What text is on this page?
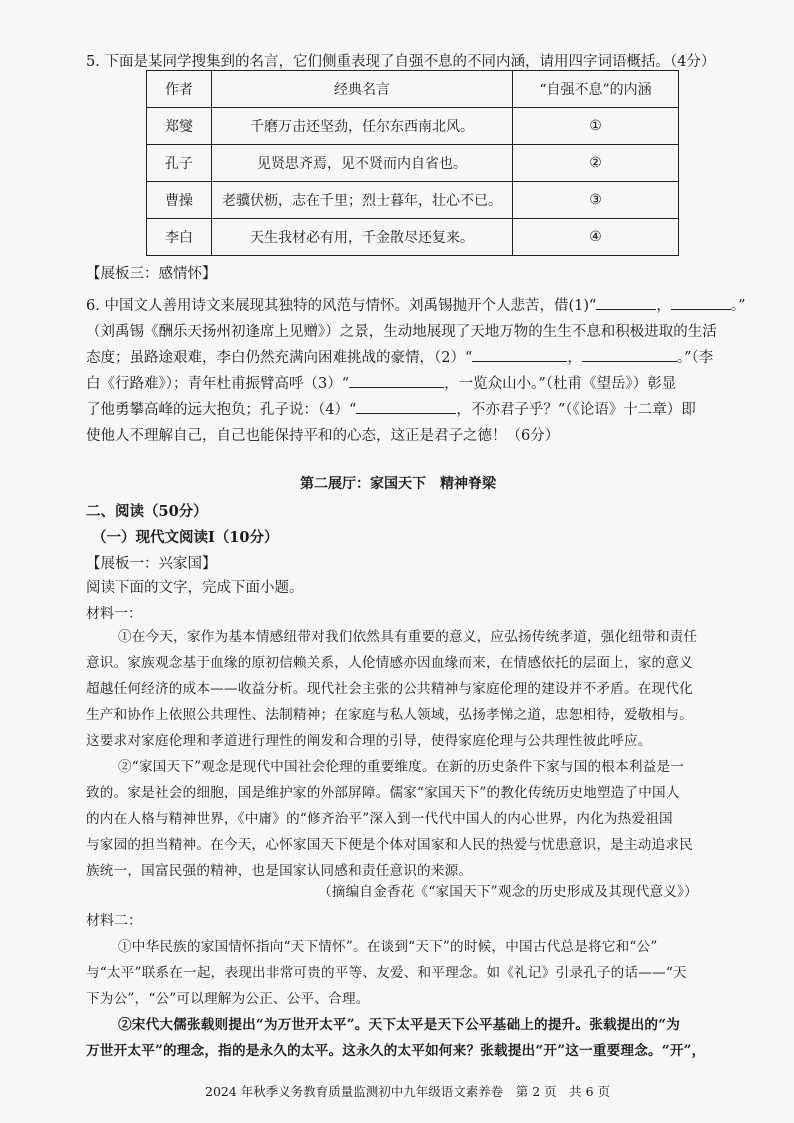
5. 下面是某同学搜集到的名言，它们侧重表现了自强不息的不同内涵，请用四字词语概括。（4分）
作者	经典名言	“自强不息”的内涵
郑燮	千磨万击还坚劲，任尔东西南北风。	①
孔子	见贤思齐焉，见不贤而内自省也。	②
曹操	老骥伏枥，志在千里；烈士暮年，壮心不已。	③
李白	天生我材必有用，千金散尽还复来。	④
【展板三：感情怀】
6. 中国文人善用诗文来展现其独特的风范与情怀。刘禹锡抛开个人悲苦，借(1)“	，	。”
（刘禹锡《酬乐天扬州初逢席上见赠》）之景，生动地展现了天地万物的生生不息和积极进取的生活
态度；虽路途艰难，李白仍然充满向困难挑战的豪情，（2）“	，	。”（李
白《行路难》）；青年杜甫振臂高呼（3）“	，一览众山小。”（杜甫《望岳》）彰显
了他勇攀高峰的远大抱负；孔子说：（4）“	，不亦君子乎？”（《论语》十二章）即
使他人不理解自己，自己也能保持平和的心态，这正是君子之德！（6分）
第二展厅：家国天下　精神脊梁
二、阅读（50分）
（一）现代文阅读Ⅰ（10分）
【展板一：兴家国】
阅读下面的文字，完成下面小题。
材料一：
①在今天，家作为基本情感纽带对我们依然具有重要的意义，应弘扬传统孝道，强化纽带和责任
意识。家族观念基于血缘的原初信赖关系，人伦情感亦因血缘而来，在情感依托的层面上，家的意义
超越任何经济的成本——收益分析。现代社会主张的公共精神与家庭伦理的建设并不矛盾。在现代化
生产和协作上依照公共理性、法制精神；在家庭与私人领域，弘扬孝悌之道，忠恕相待，爱敬相与。
这要求对家庭伦理和孝道进行理性的阐发和合理的引导，使得家庭伦理与公共理性彼此呼应。
②“家国天下”观念是现代中国社会伦理的重要维度。在新的历史条件下家与国的根本利益是一
致的。家是社会的细胞，国是维护家的外部屏障。儒家“家国天下”的教化传统历史地塑造了中国人
的内在人格与精神世界，《中庸》的“修齐治平”深入到一代代中国人的内心世界，内化为热爱祖国
与家园的担当精神。在今天，心怀家国天下便是个体对国家和人民的热爱与忧患意识，是主动追求民
族统一，国富民强的精神，也是国家认同感和责任意识的来源。
（摘编自金香花《“家国天下”观念的历史形成及其现代意义》）
材料二：
①中华民族的家国情怀指向“天下情怀”。在谈到“天下”的时候，中国古代总是将它和“公”
与“太平”联系在一起，表现出非常可贵的平等、友爱、和平理念。如《礼记》引录孔子的话——“天
下为公”，“公”可以理解为公正、公平、合理。
②宋代大儒张载则提出“为万世开太平”。天下太平是天下公平基础上的提升。张载提出的“为
万世开太平”的理念，指的是永久的太平。这永久的太平如何来？张载提出“开”这一重要理念。“开”，
2024 年秋季义务教育质量监测初中九年级语文素养卷　第 2 页　共 6 页
